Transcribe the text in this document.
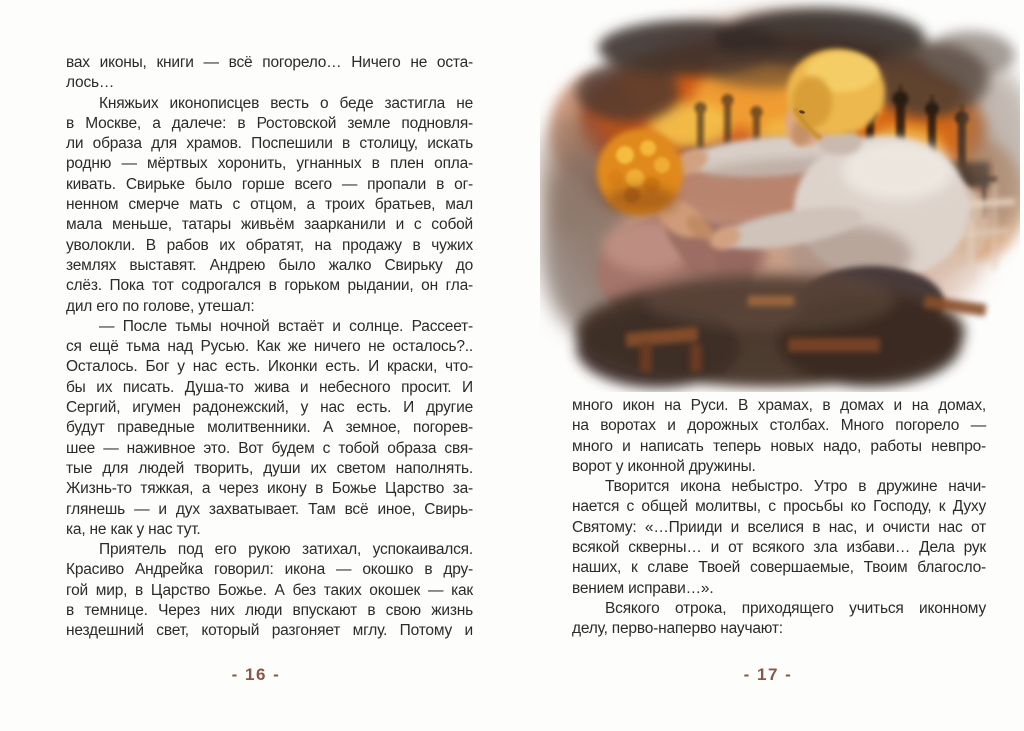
вах иконы, книги — всё погорело… Ничего не оста-
лось…
Княжьих иконописцев весть о беде застигла не
в Москве, а далече: в Ростовской земле подновля-
ли образа для храмов. Поспешили в столицу, искать
родню — мёртвых хоронить, угнанных в плен опла-
кивать. Свирьке было горше всего — пропали в ог-
ненном смерче мать с отцом, а троих братьев, мал
мала меньше, татары живьём заарканили и с собой
уволокли. В рабов их обратят, на продажу в чужих
землях выставят. Андрею было жалко Свирьку до
слёз. Пока тот содрогался в горьком рыдании, он гла-
дил его по голове, утешал:
— После тьмы ночной встаёт и солнце. Рассеет-
ся ещё тьма над Русью. Как же ничего не осталось?..
Осталось. Бог у нас есть. Иконки есть. И краски, что-
бы их писать. Душа-то жива и небесного просит. И
Сергий, игумен радонежский, у нас есть. И другие
будут праведные молитвенники. А земное, погорев-
шее — наживное это. Вот будем с тобой образа свя-
тые для людей творить, души их светом наполнять.
Жизнь-то тяжкая, а через икону в Божье Царство за-
глянешь — и дух захватывает. Там всё иное, Свирь-
ка, не как у нас тут.
Приятель под его рукою затихал, успокаивался.
Красиво Андрейка говорил: икона — окошко в дру-
гой мир, в Царство Божье. А без таких окошек — как
в темнице. Через них люди впускают в свою жизнь
нездешний свет, который разгоняет мглу. Потому и
много икон на Руси. В храмах, в домах и на домах,
на воротах и дорожных столбах. Много погорело —
много и написать теперь новых надо, работы невпро-
ворот у иконной дружины.
Творится икона небыстро. Утро в дружине начи-
нается с общей молитвы, с просьбы ко Господу, к Духу
Святому: «…Прииди и вселися в нас, и очисти нас от
всякой скверны… и от всякого зла избави… Дела рук
наших, к славе Твоей совершаемые, Твоим благосло-
вением исправи…».
Всякого отрока, приходящего учиться иконному
делу, перво-наперво научают:
- 16 -	- 17 -
